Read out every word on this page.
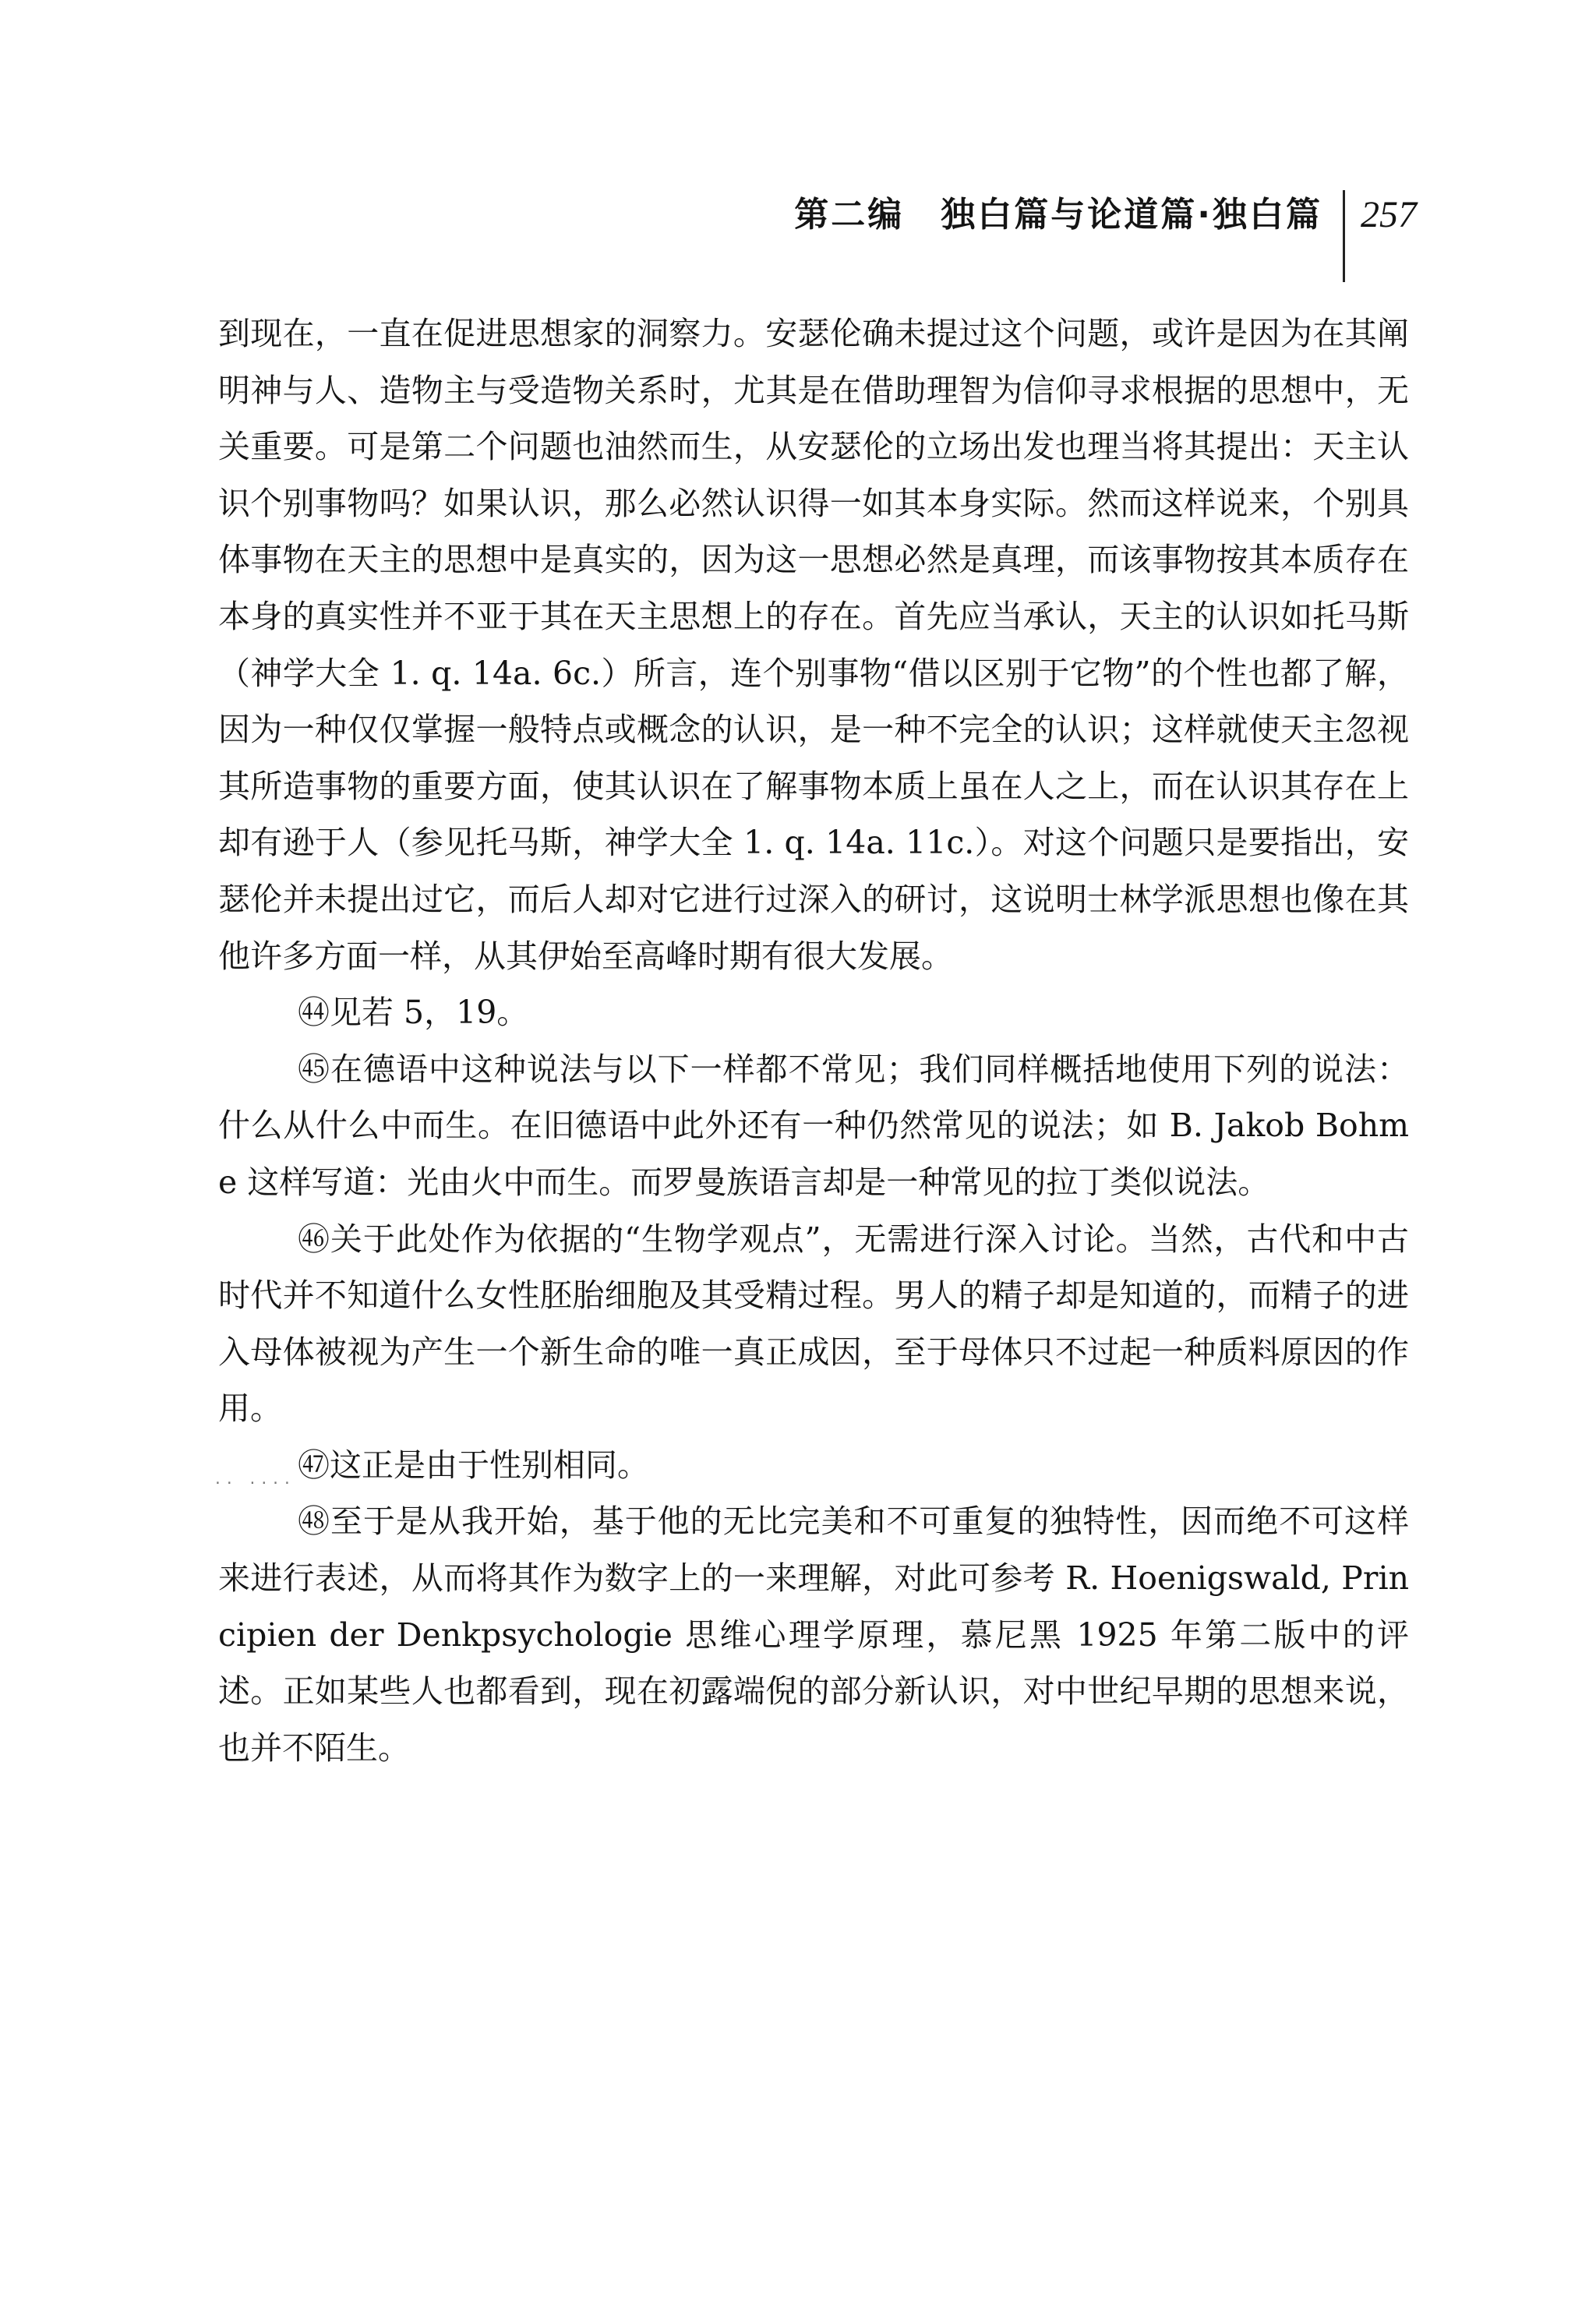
第二编　独白篇与论道篇·独白篇	257
·· ····

到现在，一直在促进思想家的洞察力。安瑟伦确未提过这个问题，或许是因为在其阐明神与人、造物主与受造物关系时，尤其是在借助理智为信仰寻求根据的思想中，无关重要。可是第二个问题也油然而生，从安瑟伦的立场出发也理当将其提出：天主认识个别事物吗？如果认识，那么必然认识得一如其本身实际。然而这样说来，个别具体事物在天主的思想中是真实的，因为这一思想必然是真理，而该事物按其本质存在本身的真实性并不亚于其在天主思想上的存在。首先应当承认，天主的认识如托马斯（神学大全 1. q. 14a. 6c.）所言，连个别事物“借以区别于它物”的个性也都了解，因为一种仅仅掌握一般特点或概念的认识，是一种不完全的认识；这样就使天主忽视其所造事物的重要方面，使其认识在了解事物本质上虽在人之上，而在认识其存在上却有逊于人（参见托马斯，神学大全 1. q. 14a. 11c.）。对这个问题只是要指出，安瑟伦并未提出过它，而后人却对它进行过深入的研讨，这说明士林学派思想也像在其他许多方面一样，从其伊始至高峰时期有很大发展。

㊹见若 5，19。

㊺在德语中这种说法与以下一样都不常见；我们同样概括地使用下列的说法：什么从什么中而生。在旧德语中此外还有一种仍然常见的说法；如 B. Jakob Bohme 这样写道：光由火中而生。而罗曼族语言却是一种常见的拉丁类似说法。

㊻关于此处作为依据的“生物学观点”，无需进行深入讨论。当然，古代和中古时代并不知道什么女性胚胎细胞及其受精过程。男人的精子却是知道的，而精子的进入母体被视为产生一个新生命的唯一真正成因，至于母体只不过起一种质料原因的作用。

㊼这正是由于性别相同。

㊽至于是从我开始，基于他的无比完美和不可重复的独特性，因而绝不可这样来进行表述，从而将其作为数字上的一来理解，对此可参考 R. Hoenigswald, Principien der Denkpsychologie 思维心理学原理，慕尼黑 1925 年第二版中的评述。正如某些人也都看到，现在初露端倪的部分新认识，对中世纪早期的思想来说，也并不陌生。
